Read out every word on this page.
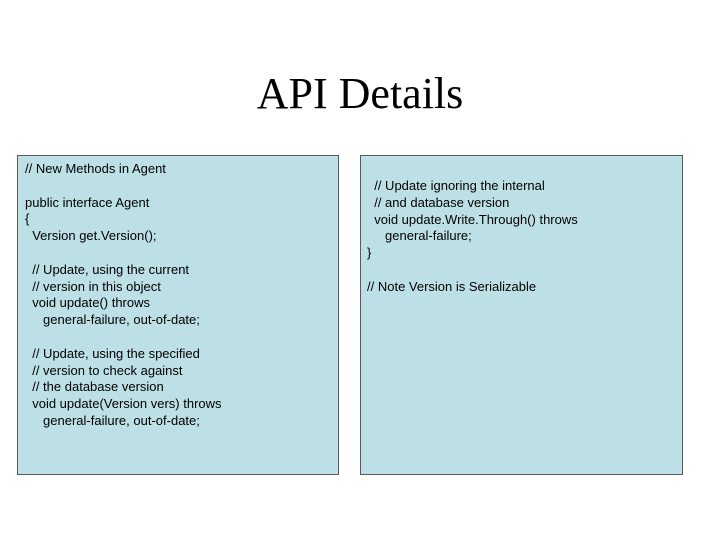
API Details
// New Methods in Agent

public interface Agent
{
Version get.Version();

// Update, using the current
// version in this object
void update() throws
general-failure, out-of-date;

// Update, using the specified
// version to check against
// the database version
void update(Version vers) throws
general-failure, out-of-date;
// Update ignoring the internal
// and database version
void update.Write.Through() throws
general-failure;
}

// Note Version is Serializable
